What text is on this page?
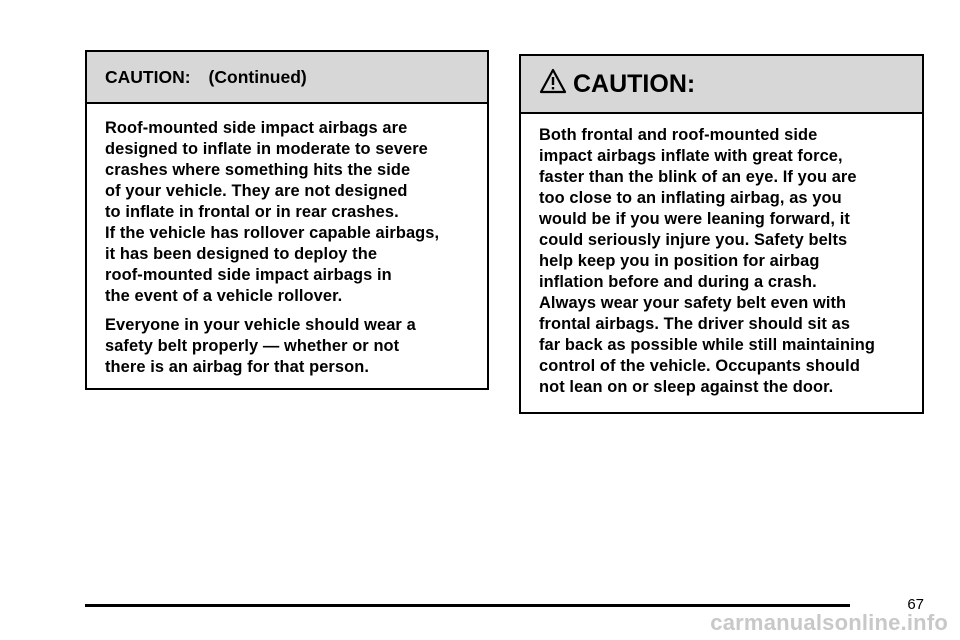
CAUTION: (Continued)

Roof-mounted side impact airbags are
designed to inflate in moderate to severe
crashes where something hits the side
of your vehicle. They are not designed
to inflate in frontal or in rear crashes.
If the vehicle has rollover capable airbags,
it has been designed to deploy the
roof-mounted side impact airbags in
the event of a vehicle rollover.

Everyone in your vehicle should wear a
safety belt properly — whether or not
there is an airbag for that person.

CAUTION:

Both frontal and roof-mounted side
impact airbags inflate with great force,
faster than the blink of an eye. If you are
too close to an inflating airbag, as you
would be if you were leaning forward, it
could seriously injure you. Safety belts
help keep you in position for airbag
inflation before and during a crash.
Always wear your safety belt even with
frontal airbags. The driver should sit as
far back as possible while still maintaining
control of the vehicle. Occupants should
not lean on or sleep against the door.

67
carmanualsonline.info
